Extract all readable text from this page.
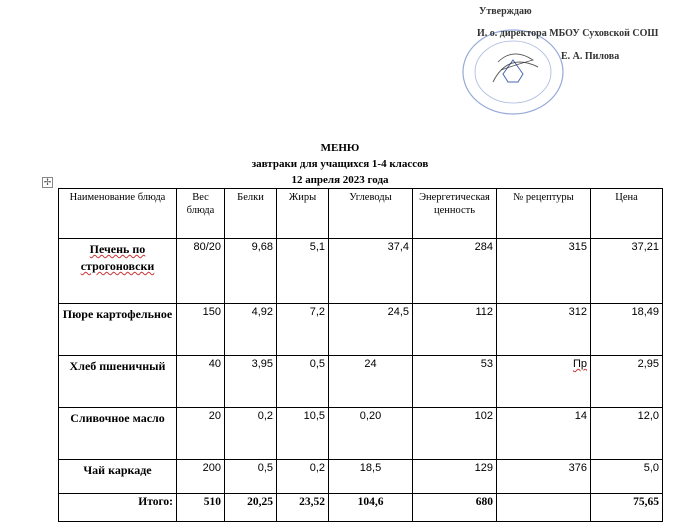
Утверждаю
И. о. директора МБОУ Суховской СОШ
Е. А. Пилова
МЕНЮ
завтраки для учащихся 1-4 классов
12 апреля 2023 года
✢
Наименование блюда	Вес блюда	Белки	Жиры	Углеводы	Энергетическая ценность	№ рецептуры	Цена
Печень по строгоновски	80/20	9,68	5,1	37,4	284	315	37,21
Пюре картофельное	150	4,92	7,2	24,5	112	312	18,49
Хлеб пшеничный	40	3,95	0,5	24	53	Пр	2,95
Сливочное масло	20	0,2	10,5	0,20	102	14	12,0
Чай каркаде	200	0,5	0,2	18,5	129	376	5,0
Итого:	510	20,25	23,52	104,6	680		75,65
